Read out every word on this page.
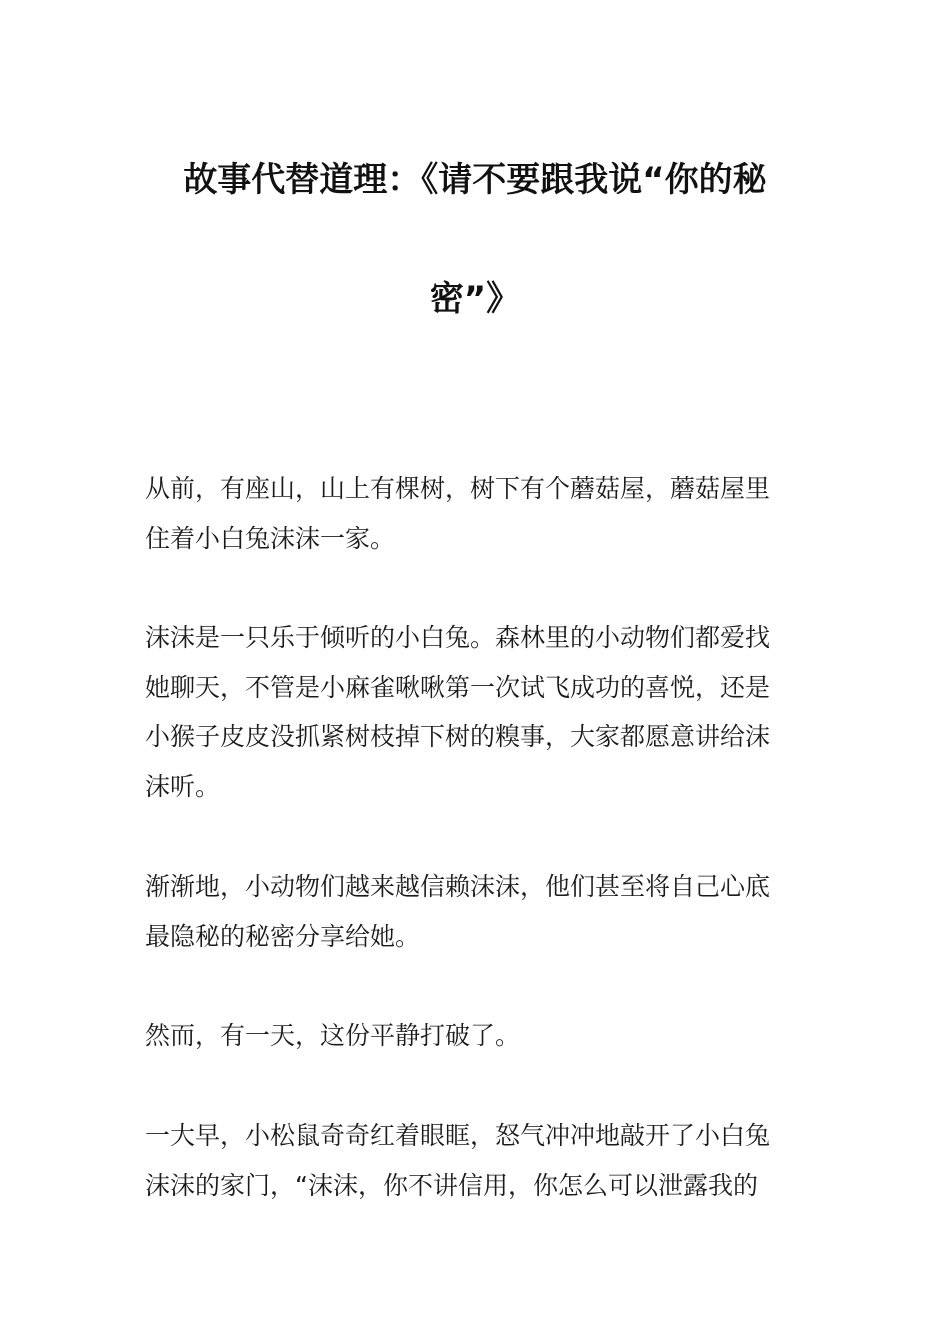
故事代替道理：《请不要跟我说“你的秘
密”》

从前，有座山，山上有棵树，树下有个蘑菇屋，蘑菇屋里
住着小白兔沫沫一家。

沫沫是一只乐于倾听的小白兔。森林里的小动物们都爱找
她聊天，不管是小麻雀啾啾第一次试飞成功的喜悦，还是
小猴子皮皮没抓紧树枝掉下树的糗事，大家都愿意讲给沫
沫听。

渐渐地，小动物们越来越信赖沫沫，他们甚至将自己心底
最隐秘的秘密分享给她。

然而，有一天，这份平静打破了。

一大早，小松鼠奇奇红着眼眶，怒气冲冲地敲开了小白兔
沫沫的家门，“沫沫，你不讲信用，你怎么可以泄露我的
